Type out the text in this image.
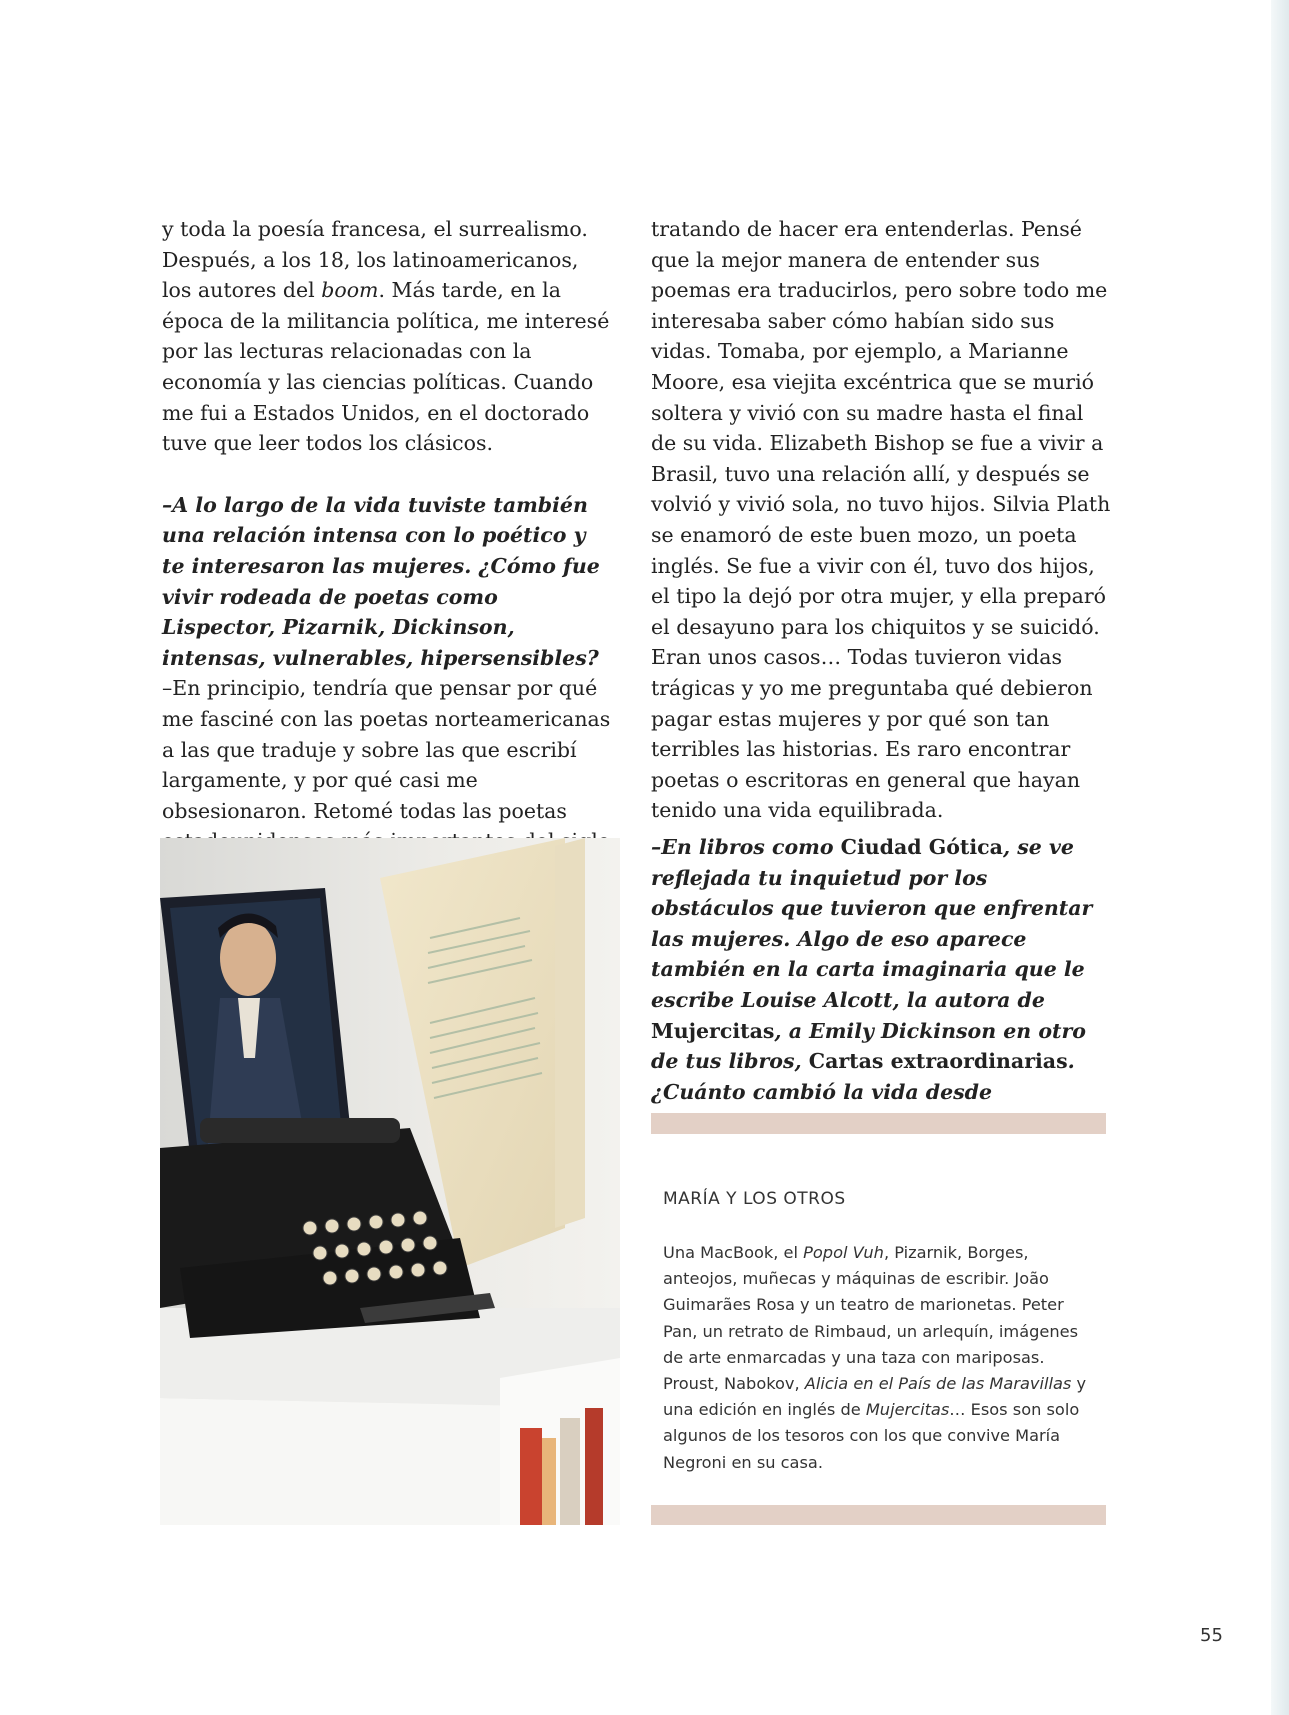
y toda la poesía francesa, el surrealismo. Después, a los 18, los latinoamericanos, los autores del boom. Más tarde, en la época de la militancia política, me interesé por las lecturas relacionadas con la economía y las ciencias políticas. Cuando me fui a Estados Unidos, en el doctorado tuve que leer todos los clásicos.

–A lo largo de la vida tuviste también una relación intensa con lo poético y te interesaron las mujeres. ¿Cómo fue vivir rodeada de poetas como Lispector, Pizarnik, Dickinson, intensas, vulnerables, hipersensibles?

–En principio, tendría que pensar por qué me fasciné con las poetas norteamericanas a las que traduje y sobre las que escribí largamente, y por qué casi me obsesionaron. Retomé todas las poetas

tratando de hacer era entenderlas. Pensé que la mejor manera de entender sus poemas era traducirlos, pero sobre todo me interesaba saber cómo habían sido sus vidas. Tomaba, por ejemplo, a Marianne Moore, esa viejita excéntrica que se murió soltera y vivió con su madre hasta el final de su vida. Elizabeth Bishop se fue a vivir a Brasil, tuvo una relación allí, y después se volvió y vivió sola, no tuvo hijos. Silvia Plath se enamoró de este buen mozo, un poeta inglés. Se fue a vivir con él, tuvo dos hijos, el tipo la dejó por otra mujer, y ella preparó el desayuno para los chiquitos y se suicidó. Eran unos casos… Todas tuvieron vidas trágicas y yo me preguntaba qué debieron pagar estas mujeres y por qué son tan terribles las historias. Es raro encontrar poetas o escritoras en general que hayan tenido una vida equilibrada.

–En libros como Ciudad Gótica, se ve reflejada tu inquietud por los obstáculos que tuvieron que enfrentar las mujeres. Algo de eso aparece también en la carta imaginaria que le escribe Louise Alcott, la autora de Mujercitas, a Emily Dickinson en otro de tus libros, Cartas extraordinarias. ¿Cuánto cambió la vida desde

MARÍA Y LOS OTROS

Una MacBook, el Popol Vuh, Pizarnik, Borges, anteojos, muñecas y máquinas de escribir. João Guimarães Rosa y un teatro de marionetas. Peter Pan, un retrato de Rimbaud, un arlequín, imágenes de arte enmarcadas y una taza con mariposas. Proust, Nabokov, Alicia en el País de las Maravillas y una edición en inglés de Mujercitas… Esos son solo algunos de los tesoros con los que convive María Negroni en su casa.

55
